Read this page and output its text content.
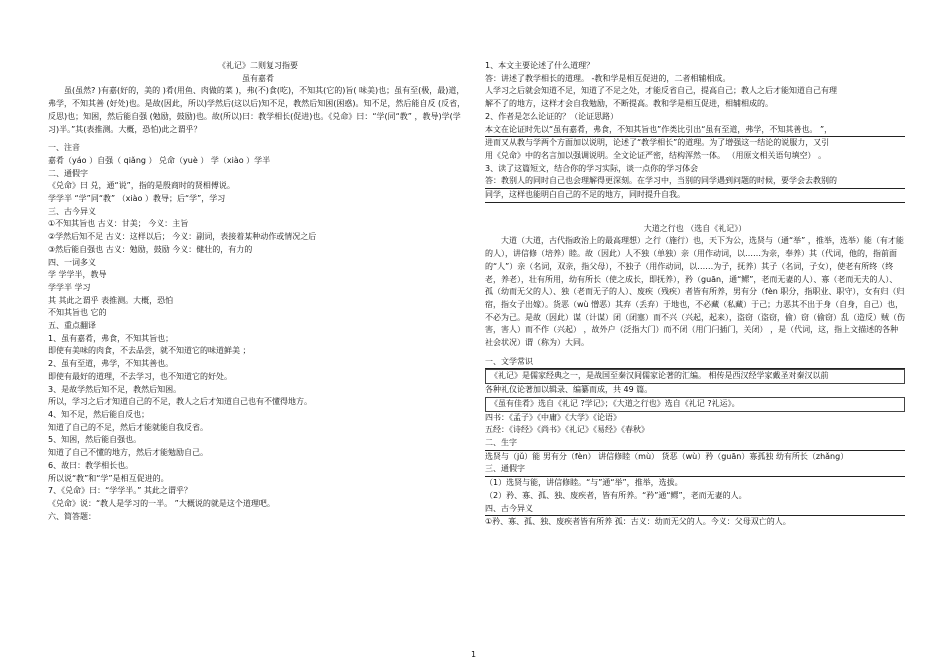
《礼记》二则复习指要
虽有嘉肴
虽(虽然? )有嘉(好的，美的 )肴(用鱼、肉做的菜 )，弗(不)食(吃)，不知其(它的)旨( 味美)也；虽有至(极，最)道，弗学，不知其善 (好处)也。是故(因此，所以)学然后(这以后)知不足，教然后知困(困惑)。知不足，然后能自反 (反省，反思)也；知困，然后能自强 (勉励，鼓励)也。故(所以)曰：教学相长(促进)也。《兑命》曰：“学(同“教” ，教导)学(学习)半。”其(表推测。大概，恐怕)此之谓乎？
一、注音
嘉肴（yáo ）自强（ qiǎng ） 兑命（yuè ） 学（xiào ）学半
二、通假字
《兑命》曰 兑，通“说”，指的是殷商时的贤相傅说。
学学半 “学”同“教” （xiào ）教导；后“学”，学习
三、古今异义
①不知其旨也 古义：甘美； 今义：主旨
②学然后知不足 古义：这样以后； 今义：副词，表接着某种动作或情况之后
③然后能自强也 古义：勉励，鼓励 今义：健壮的，有力的
四、一词多义
学 学学半，教导
学学半 学习
其 其此之谓乎 表推测。大概，恐怕
不知其旨也 它的
五、重点翻译
1、虽有嘉肴，弗食，不知其旨也；
即使有美味的肉食，不去品尝，就不知道它的味道鲜美 ；
2、虽有至道，弗学，不知其善也。
即使有最好的道理，不去学习，也不知道它的好处。
3、是故学然后知不足，教然后知困。
所以，学习之后才知道自己的不足，教人之后才知道自己也有不懂得地方。
4、知不足，然后能自反也；
知道了自己的不足，然后才能就能自我反省。
5、知困，然后能自强也。
知道了自己不懂的地方，然后才能勉励自己。
6、故曰：教学相长也。
所以说“教”和“学”是相互促进的。
7、《兑命》曰：“学学半。” 其此之谓乎？
《兑命》说：“教人是学习的一半。 ”大概说的就是这个道理吧。
六、简答题：
1、本文主要论述了什么道理？
答：讲述了教学相长的道理。 -教和学是相互促进的，二者相辅相成。
人学习之后就会知道不足，知道了不足之处，才能反省自己，提高自己；教人之后才能知道自己有理
解不了的地方，这样才会自我勉励，不断提高。教和学是相互促进，相辅相成的。
2、作者是怎么论证的？（论证思路）
本文在论证时先以“虽有嘉肴，弗食，不知其旨也”作类比引出“虽有至道，弗学，不知其善也。 ”，
进而又从教与学两个方面加以说明，论述了“教学相长”的道理。为了增强这一结论的说服力，又引
用《兑命》中的名言加以强调说明。全文论证严密，结构浑然一体。 （用原文相关语句填空） 。
3、读了这篇短文，结合你的学习实际，谈一点你的学习体会
答：教别人的同时自己也会理解得更深刻。在学习中，当别的同学遇到问题的时候，要学会去教别的
同学，这样也能明白自己的不足的地方，同时提升自我。
大道之行也 （选自《礼记》）
大道（大道，古代指政治上的最高理想）之行（施行）也，天下为公，选贤与（通“举” ，推举，选举）能（有才能的人），讲信修（培养）睦。故（因此）人不独（单独）亲（用作动词，以……为亲，奉养）其（代词，他的，指前面的“人”）亲（名词，双亲，指父母），不独子（用作动词，以……为子，抚养）其子（名词，子女），使老有所终（终老，养老），壮有所用，幼有所长（使之成长，即抚养），矜（guān，通“鳏”，老而无妻的人）、寡（老而无夫的人）、孤（幼而无父的人）、独（老而无子的人）、废疾（残疾）者皆有所养，男有分（fèn 职分，指职业、职守），女有归（归宿，指女子出嫁）。货恶（wù 憎恶）其弃（丢弃）于地也，不必藏（私藏）于己；力恶其不出于身（自身，自己）也，不必为己。是故（因此）谋（计谋）闭（闭塞）而不兴（兴起，起来），盗窃（盗窃，偷）窃（偷窃）乱（造反）贼（伤害，害人）而不作（兴起） ，故外户（泛指大门）而不闭（用门闩插门，关闭） ，是（代词，这，指上文描述的各种社会状况）谓（称为）大同。
一、文学常识
《礼记》是儒家经典之一，是战国至秦汉间儒家论著的汇编。 相传是西汉经学家戴圣对秦汉以前
各种礼仪论著加以辑录、编纂而成，共 49 篇。
《虽有佳肴》选自《礼记 ?学记》；《大道之行也》选自《礼记 ?礼运》。
四书：《孟子》《中庸》《大学》《论语》
五经：《诗经》《尚书》《礼记》《易经》《春秋》
二、生字
选贤与（jǔ）能 男有分（fèn） 讲信修睦（mù） 货恶（wù）矜（guān）寡孤独 幼有所长（zhǎng）
三、通假字
（1）选贤与能，讲信修睦。“与”通“举”，推举，选拔。
（2）矜、寡、孤、独、废疾者，皆有所养。“矜”通“鳏”，老而无妻的人。
四、古今异义
①矜、寡、孤、独、废疾者皆有所养 孤：古义：幼而无父的人。今义：父母双亡的人。
1
